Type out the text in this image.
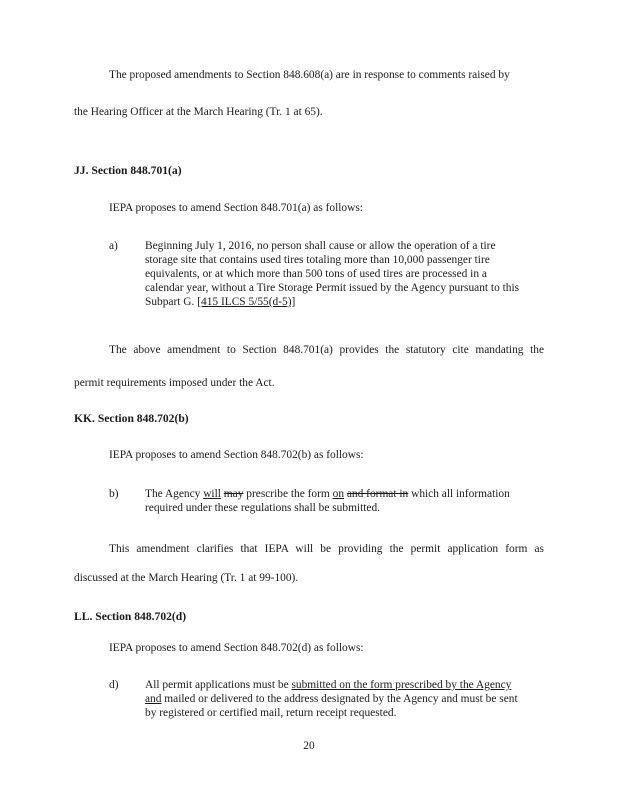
The proposed amendments to Section 848.608(a) are in response to comments raised by
the Hearing Officer at the March Hearing (Tr. 1 at 65).
JJ. Section 848.701(a)
IEPA proposes to amend Section 848.701(a) as follows:
a) Beginning July 1, 2016, no person shall cause or allow the operation of a tire
storage site that contains used tires totaling more than 10,000 passenger tire
equivalents, or at which more than 500 tons of used tires are processed in a
calendar year, without a Tire Storage Permit issued by the Agency pursuant to this
Subpart G. [415 ILCS 5/55(d-5)]
The above amendment to Section 848.701(a) provides the statutory cite mandating the
permit requirements imposed under the Act.
KK. Section 848.702(b)
IEPA proposes to amend Section 848.702(b) as follows:
b) The Agency will may prescribe the form on and format in which all information
required under these regulations shall be submitted.
This amendment clarifies that IEPA will be providing the permit application form as
discussed at the March Hearing (Tr. 1 at 99-100).
LL. Section 848.702(d)
IEPA proposes to amend Section 848.702(d) as follows:
d) All permit applications must be submitted on the form prescribed by the Agency
and mailed or delivered to the address designated by the Agency and must be sent
by registered or certified mail, return receipt requested.
20
